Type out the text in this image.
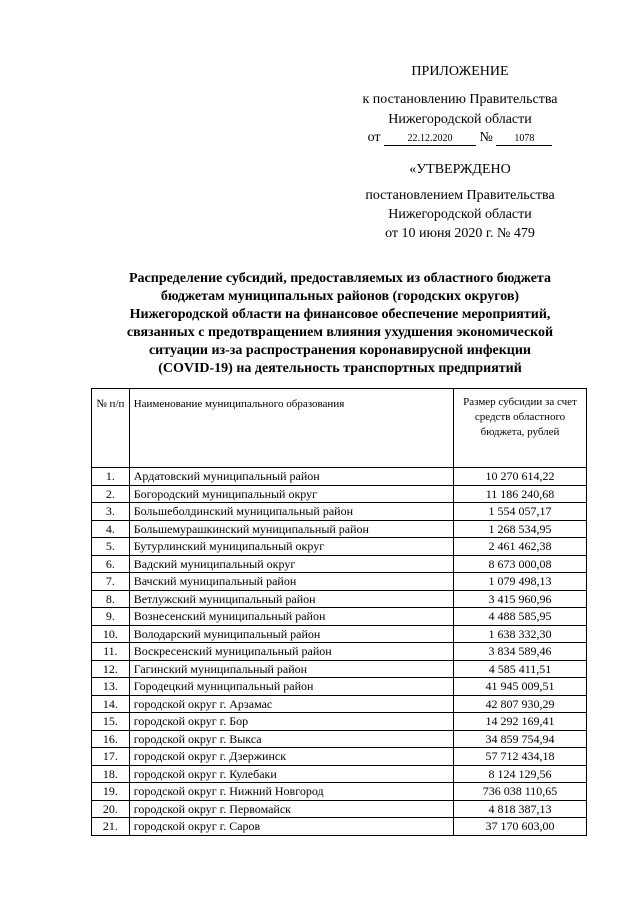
ПРИЛОЖЕНИЕ
к постановлению Правительства
Нижегородской области
от	22.12.2020 № 1078
«УТВЕРЖДЕНО
постановлением Правительства
Нижегородской области
от 10 июня 2020 г. № 479
Распределение субсидий, предоставляемых из областного бюджета
бюджетам муниципальных районов (городских округов)
Нижегородской области на финансовое обеспечение мероприятий,
связанных с предотвращением влияния ухудшения экономической
ситуации из-за распространения коронавирусной инфекции
(COVID-19) на деятельность транспортных предприятий
№ п/п	Наименование муниципального образования	Размер субсидии за счет средств областного бюджета, рублей
1.	Ардатовский муниципальный район	10 270 614,22
2.	Богородский муниципальный округ	11 186 240,68
3.	Большеболдинский муниципальный район	1 554 057,17
4.	Большемурашкинский муниципальный район	1 268 534,95
5.	Бутурлинский муниципальный округ	2 461 462,38
6.	Вадский муниципальный округ	8 673 000,08
7.	Вачский муниципальный район	1 079 498,13
8.	Ветлужский муниципальный район	3 415 960,96
9.	Вознесенский муниципальный район	4 488 585,95
10.	Володарский муниципальный район	1 638 332,30
11.	Воскресенский муниципальный район	3 834 589,46
12.	Гагинский муниципальный район	4 585 411,51
13.	Городецкий муниципальный район	41 945 009,51
14.	городской округ г. Арзамас	42 807 930,29
15.	городской округ г. Бор	14 292 169,41
16.	городской округ г. Выкса	34 859 754,94
17.	городской округ г. Дзержинск	57 712 434,18
18.	городской округ г. Кулебаки	8 124 129,56
19.	городской округ г. Нижний Новгород	736 038 110,65
20.	городской округ г. Первомайск	4 818 387,13
21.	городской округ г. Саров	37 170 603,00
